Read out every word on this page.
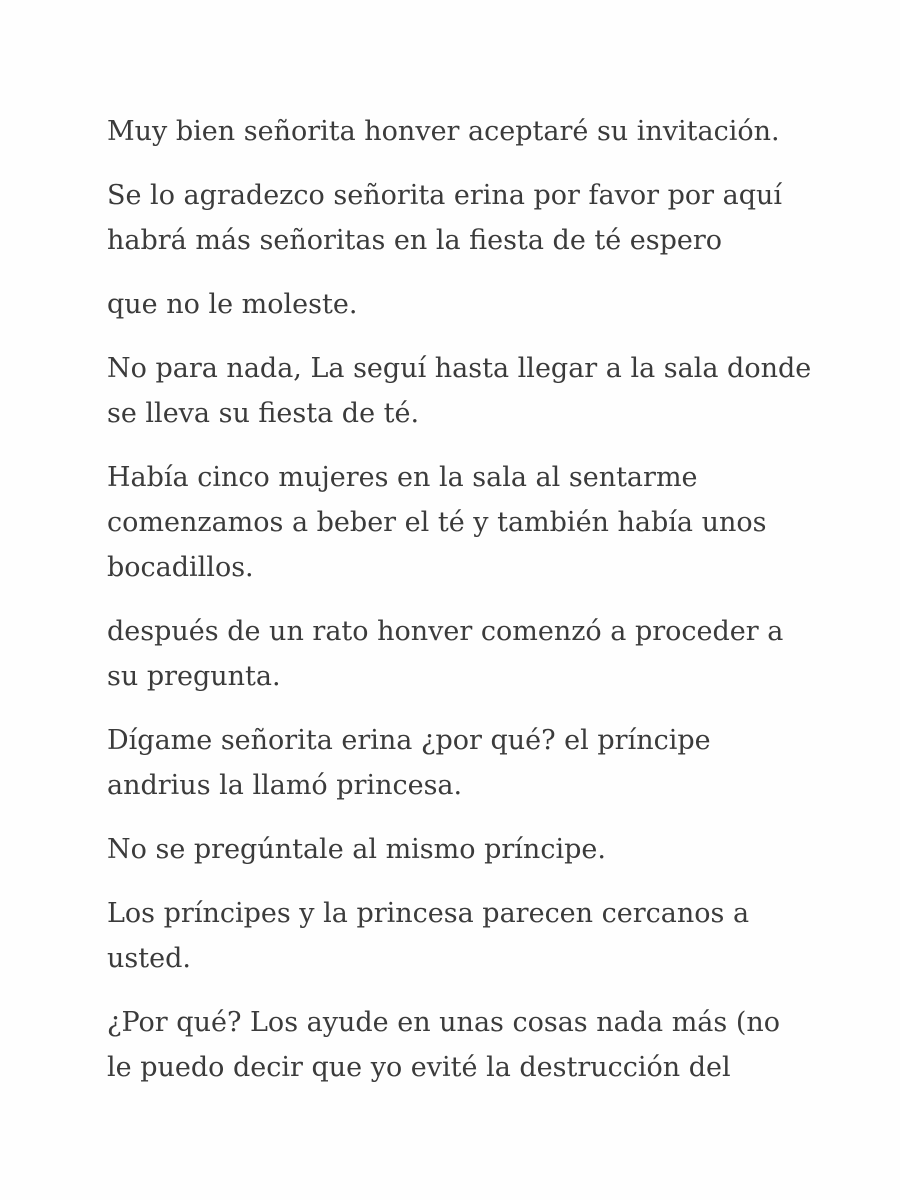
Muy bien señorita honver aceptaré su invitación.

Se lo agradezco señorita erina por favor por aquí
habrá más señoritas en la fiesta de té espero

que no le moleste.

No para nada, La seguí hasta llegar a la sala donde
se lleva su fiesta de té.

Había cinco mujeres en la sala al sentarme
comenzamos a beber el té y también había unos
bocadillos.

después de un rato honver comenzó a proceder a
su pregunta.

Dígame señorita erina ¿por qué? el príncipe
andrius la llamó princesa.

No se pregúntale al mismo príncipe.

Los príncipes y la princesa parecen cercanos a
usted.

¿Por qué? Los ayude en unas cosas nada más (no
le puedo decir que yo evité la destrucción del
